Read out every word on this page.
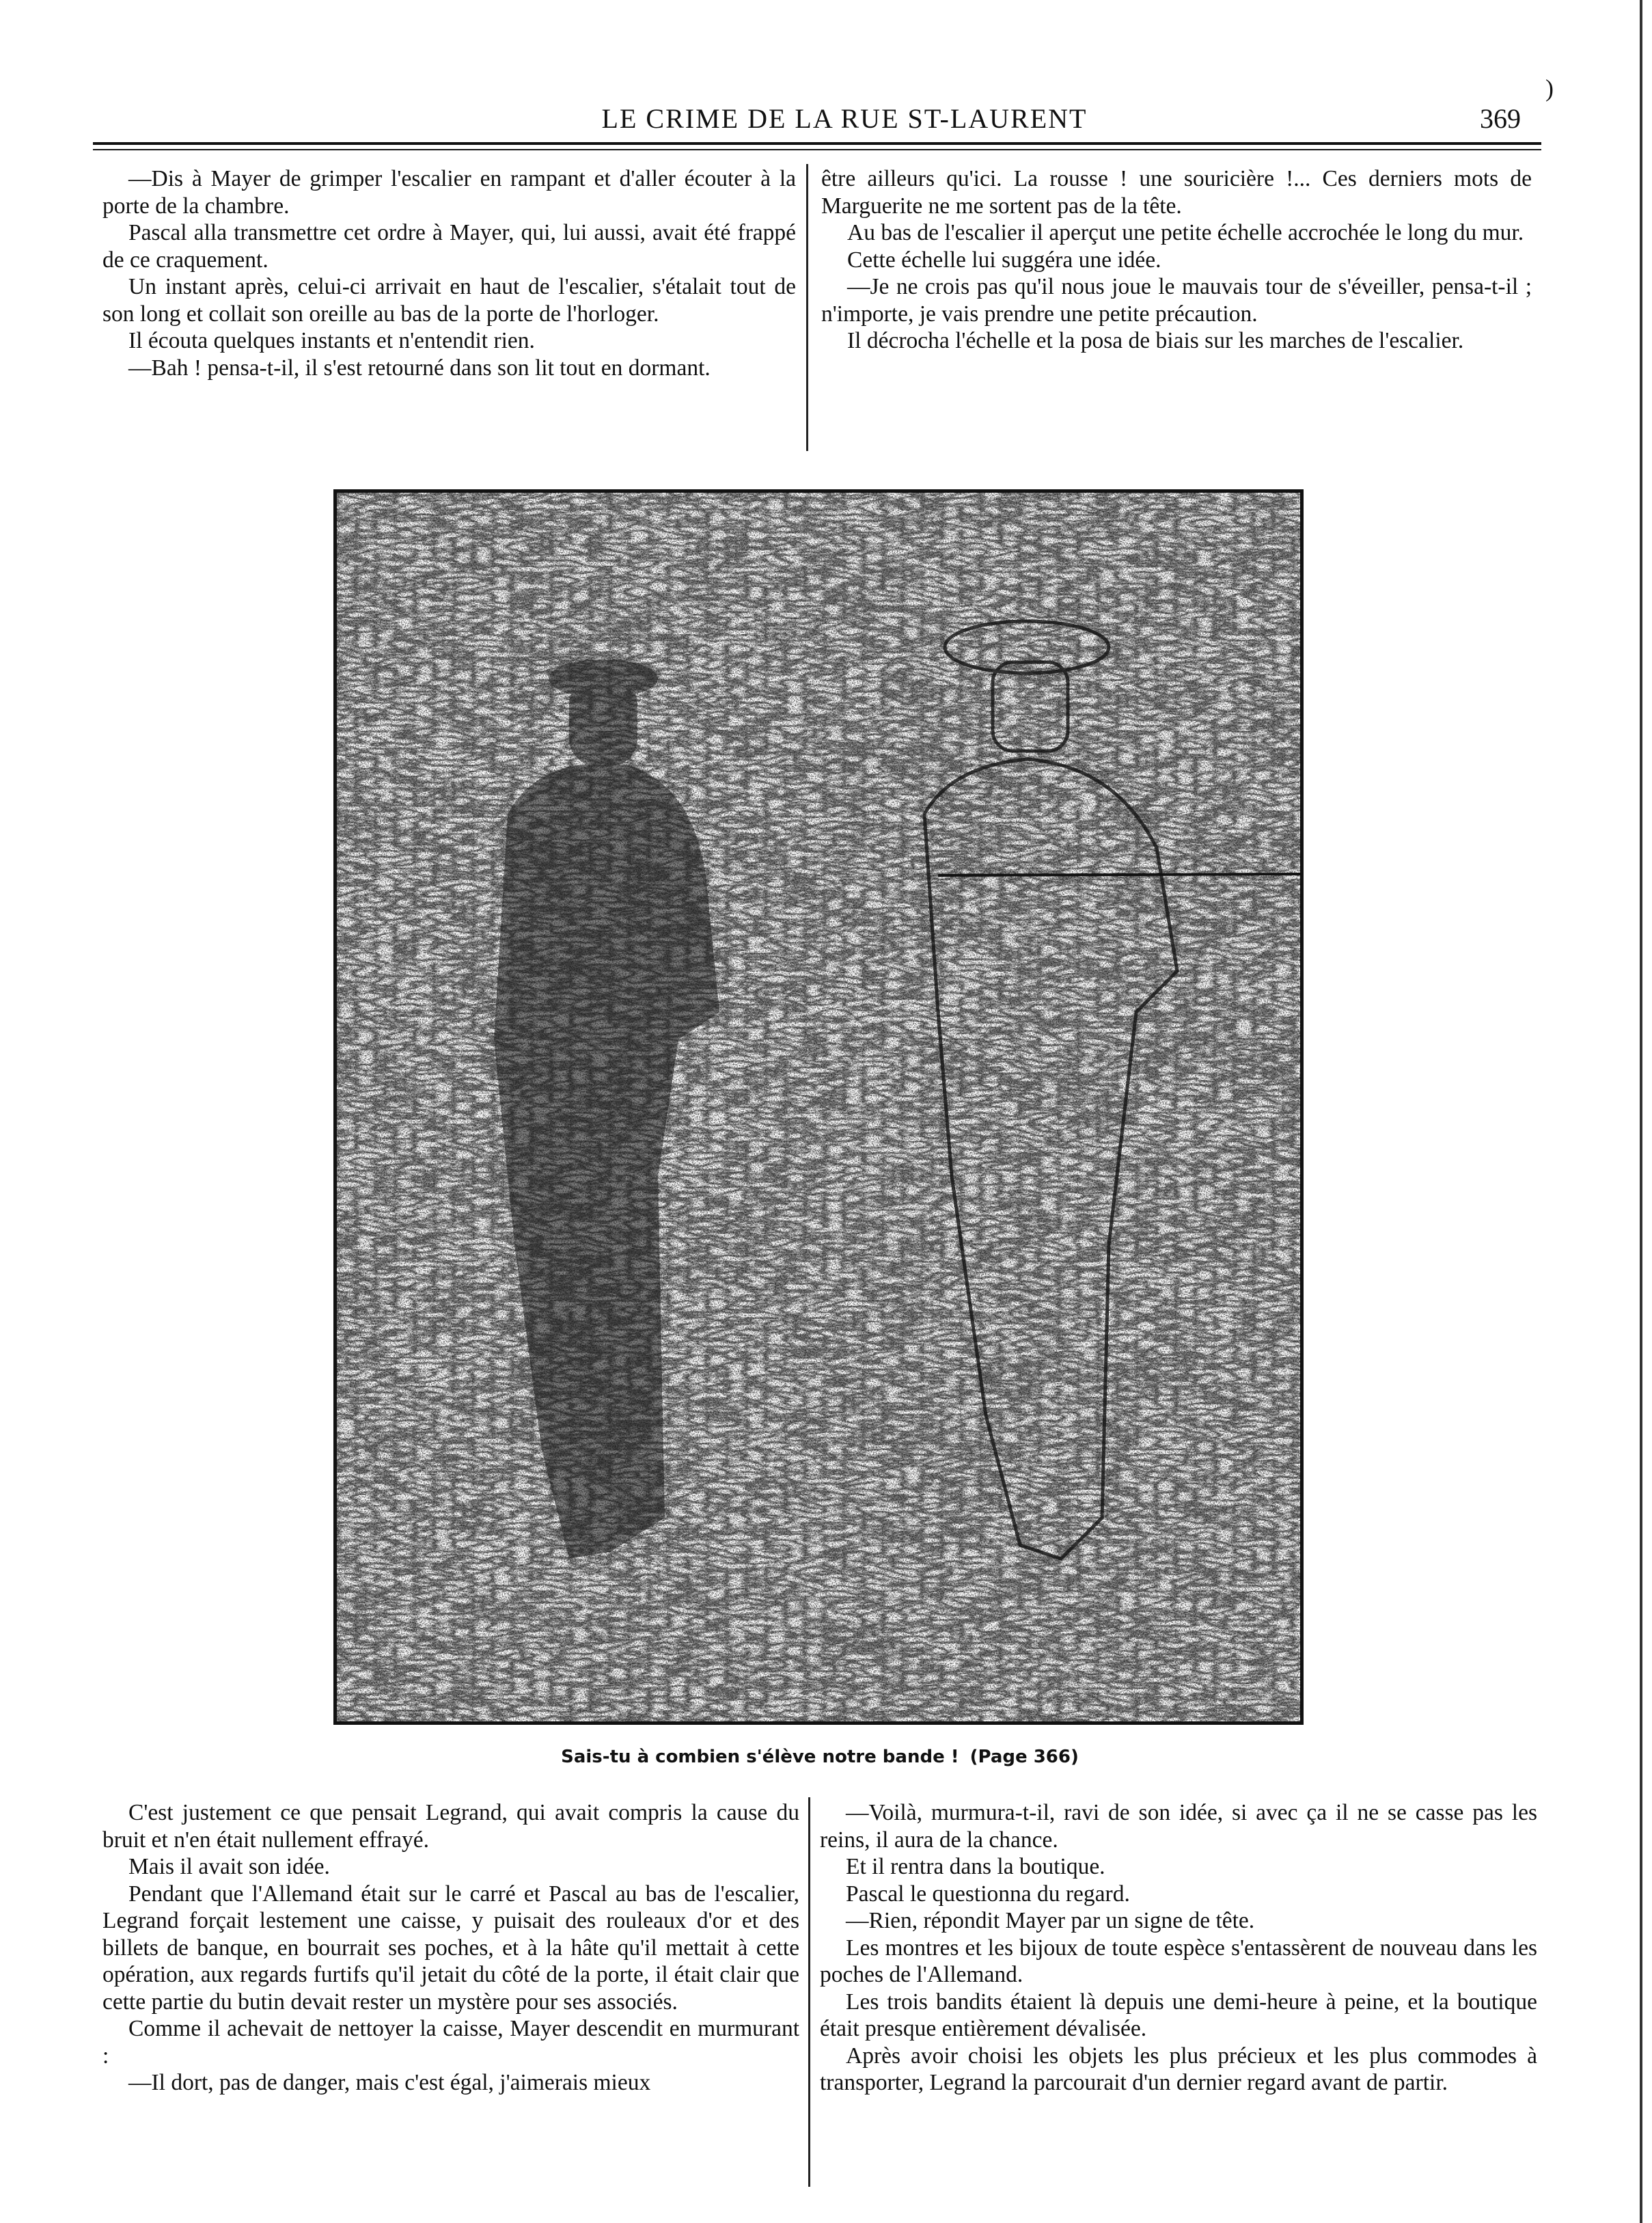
)
LE CRIME DE LA RUE ST-LAURENT	369

—Dis à Mayer de grimper l'escalier en rampant et d'aller écouter à la porte de la chambre.

Pascal alla transmettre cet ordre à Mayer, qui, lui aussi, avait été frappé de ce craquement.

Un instant après, celui-ci arrivait en haut de l'escalier, s'étalait tout de son long et collait son oreille au bas de la porte de l'horloger.

Il écouta quelques instants et n'entendit rien.

—Bah ! pensa-t-il, il s'est retourné dans son lit tout en dormant.

être ailleurs qu'ici. La rousse ! une souricière !... Ces derniers mots de Marguerite ne me sortent pas de la tête.

Au bas de l'escalier il aperçut une petite échelle accrochée le long du mur.

Cette échelle lui suggéra une idée.

—Je ne crois pas qu'il nous joue le mauvais tour de s'éveiller, pensa-t-il ; n'importe, je vais prendre une petite précaution.

Il décrocha l'échelle et la posa de biais sur les marches de l'escalier.

Sais-tu à combien s'élève notre bande ! (Page 366)

C'est justement ce que pensait Legrand, qui avait compris la cause du bruit et n'en était nullement effrayé.

Mais il avait son idée.

Pendant que l'Allemand était sur le carré et Pascal au bas de l'escalier, Legrand forçait lestement une caisse, y puisait des rouleaux d'or et des billets de banque, en bourrait ses poches, et à la hâte qu'il mettait à cette opération, aux regards furtifs qu'il jetait du côté de la porte, il était clair que cette partie du butin devait rester un mystère pour ses associés.

Comme il achevait de nettoyer la caisse, Mayer descendit en murmurant :

—Il dort, pas de danger, mais c'est égal, j'aimerais mieux

—Voilà, murmura-t-il, ravi de son idée, si avec ça il ne se casse pas les reins, il aura de la chance.

Et il rentra dans la boutique.

Pascal le questionna du regard.

—Rien, répondit Mayer par un signe de tête.

Les montres et les bijoux de toute espèce s'entassèrent de nouveau dans les poches de l'Allemand.

Les trois bandits étaient là depuis une demi-heure à peine, et la boutique était presque entièrement dévalisée.

Après avoir choisi les objets les plus précieux et les plus commodes à transporter, Legrand la parcourait d'un dernier regard avant de partir.
